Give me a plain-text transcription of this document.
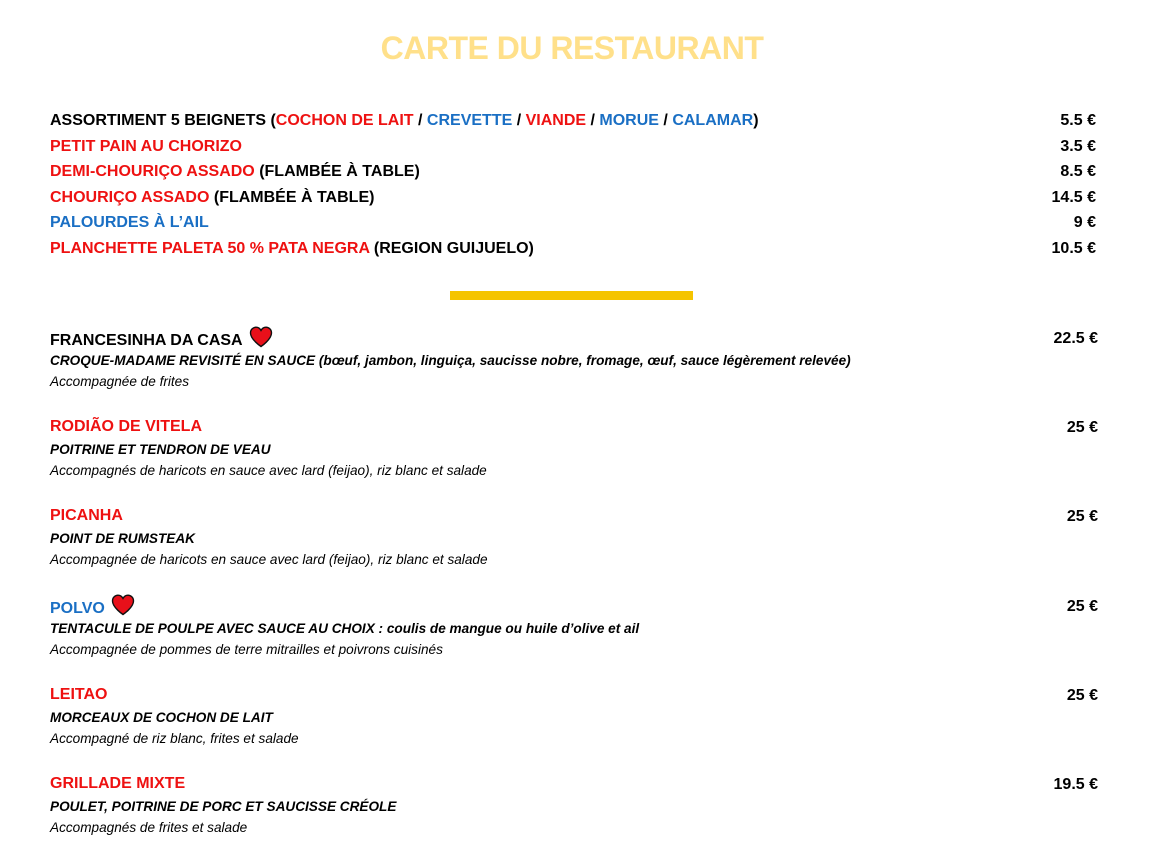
CARTE DU RESTAURANT
ASSORTIMENT 5 BEIGNETS (COCHON DE LAIT / CREVETTE / VIANDE / MORUE / CALAMAR)	5.5 €
PETIT PAIN AU CHORIZO	3.5 €
DEMI-CHOURIÇO ASSADO (FLAMBÉE À TABLE)	8.5 €
CHOURIÇO ASSADO (FLAMBÉE À TABLE)	14.5 €
PALOURDES À L’AIL	9 €
PLANCHETTE PALETA 50 % PATA NEGRA (REGION GUIJUELO)	10.5 €
FRANCESINHA DA CASA	22.5 €
CROQUE-MADAME REVISITÉ EN SAUCE (bœuf, jambon, linguiça, saucisse nobre, fromage, œuf, sauce légèrement relevée)
Accompagnée de frites
RODIÃO DE VITELA	25 €
POITRINE ET TENDRON DE VEAU
Accompagnés de haricots en sauce avec lard (feijao), riz blanc et salade
PICANHA	25 €
POINT DE RUMSTEAK
Accompagnée de haricots en sauce avec lard (feijao), riz blanc et salade
POLVO	25 €
TENTACULE DE POULPE AVEC SAUCE AU CHOIX : coulis de mangue ou huile d’olive et ail
Accompagnée de pommes de terre mitrailles et poivrons cuisinés
LEITAO	25 €
MORCEAUX DE COCHON DE LAIT
Accompagné de riz blanc, frites et salade
GRILLADE MIXTE	19.5 €
POULET, POITRINE DE PORC ET SAUCISSE CRÉOLE
Accompagnés de frites et salade
